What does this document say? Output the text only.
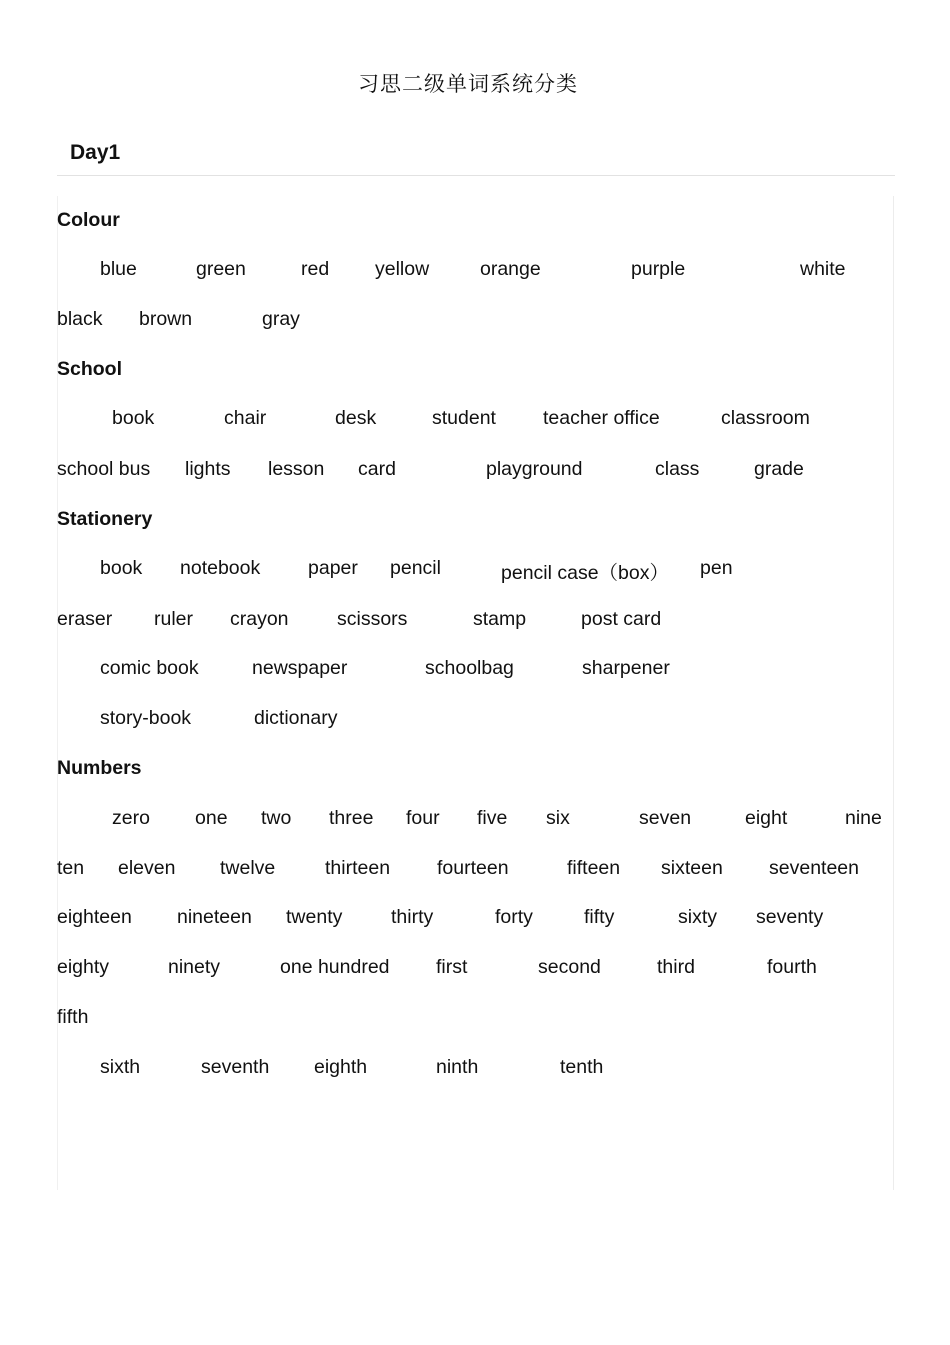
习思二级单词系统分类
Day1
Colour
blue	green	red yellow	orange	purple	white
black brown	gray
School
book	chair	desk	student teacher office	classroom
school bus lights lesson card	playground	class	grade
Stationery
book notebook paper pencil	pencil case（box） pen
eraser ruler crayon scissors	stamp	post card
comic book	newspaper	schoolbag	sharpener
story-book	dictionary
Numbers
zero one two three four five six	seven	eight	nine
ten eleven twelve	thirteen fourteen	fifteen sixteen seventeen
eighteen nineteen twenty thirty	forty	fifty	sixty seventy
eighty	ninety	one hundred first	second	third	fourth
fifth
sixth	seventh eighth	ninth	tenth
